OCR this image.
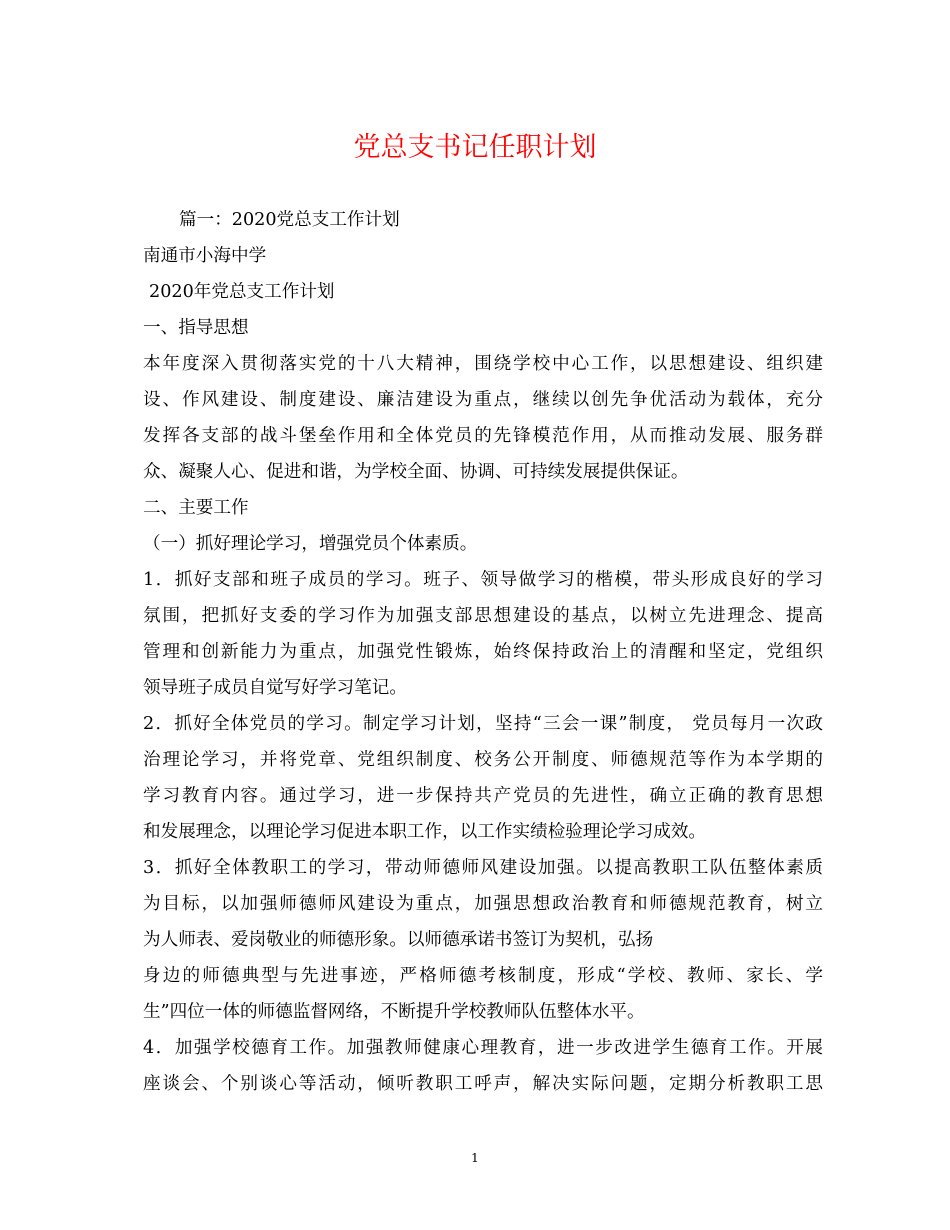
党总支书记任职计划
篇一：2020党总支工作计划
南通市小海中学
2020年党总支工作计划
一、指导思想
本年度深入贯彻落实党的十八大精神，围绕学校中心工作，以思想建设、组织建
设、作风建设、制度建设、廉洁建设为重点，继续以创先争优活动为载体，充分
发挥各支部的战斗堡垒作用和全体党员的先锋模范作用，从而推动发展、服务群
众、凝聚人心、促进和谐，为学校全面、协调、可持续发展提供保证。
二、主要工作
（一）抓好理论学习，增强党员个体素质。
1．抓好支部和班子成员的学习。班子、领导做学习的楷模，带头形成良好的学习
氛围，把抓好支委的学习作为加强支部思想建设的基点，以树立先进理念、提高
管理和创新能力为重点，加强党性锻炼，始终保持政治上的清醒和坚定，党组织
领导班子成员自觉写好学习笔记。
2．抓好全体党员的学习。制定学习计划，坚持“三会一课”制度， 党员每月一次政
治理论学习，并将党章、党组织制度、校务公开制度、师德规范等作为本学期的
学习教育内容。通过学习，进一步保持共产党员的先进性，确立正确的教育思想
和发展理念，以理论学习促进本职工作，以工作实绩检验理论学习成效。
3．抓好全体教职工的学习，带动师德师风建设加强。以提高教职工队伍整体素质
为目标，以加强师德师风建设为重点，加强思想政治教育和师德规范教育，树立
为人师表、爱岗敬业的师德形象。以师德承诺书签订为契机，弘扬
身边的师德典型与先进事迹，严格师德考核制度，形成“学校、教师、家长、学
生”四位一体的师德监督网络，不断提升学校教师队伍整体水平。
4．加强学校德育工作。加强教师健康心理教育，进一步改进学生德育工作。开展
座谈会、个别谈心等活动，倾听教职工呼声，解决实际问题，定期分析教职工思
1
